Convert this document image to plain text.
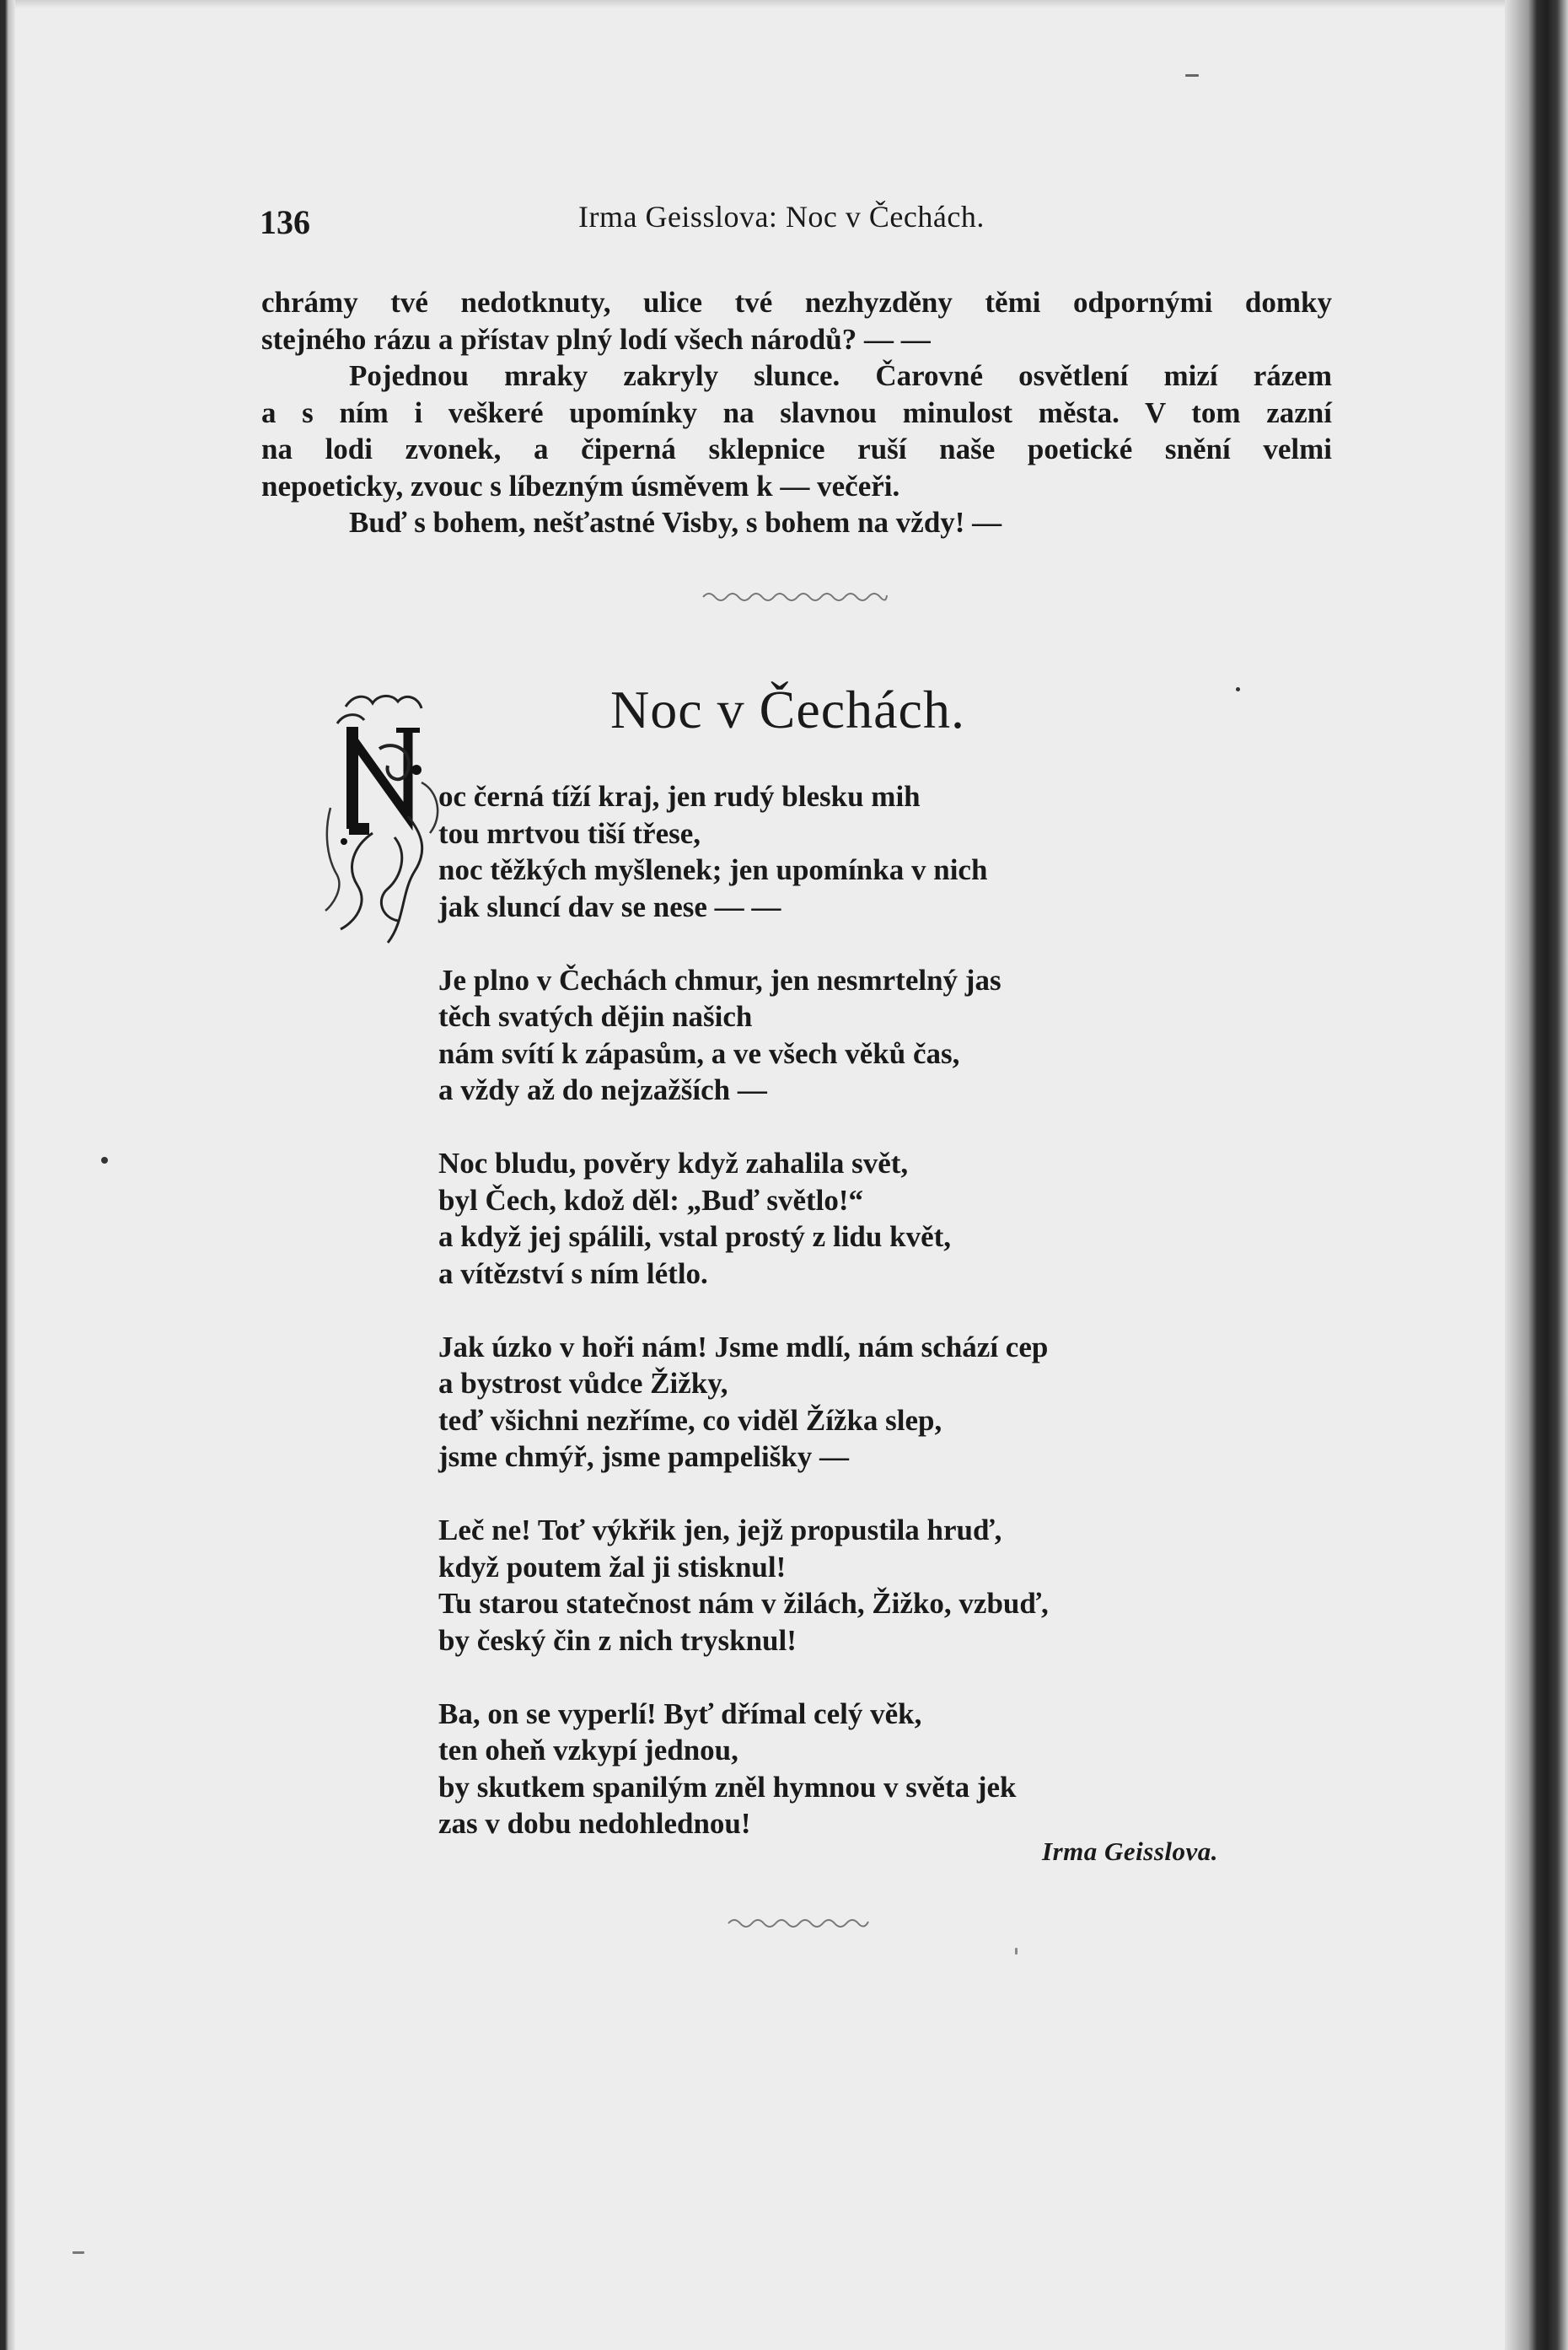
136	Irma Geisslova: Noc v Čechách.
chrámy tvé nedotknuty, ulice tvé nezhyzděny těmi odpornými domky
stejného rázu a přístav plný lodí všech národů? — —
Pojednou mraky zakryly slunce. Čarovné osvětlení mizí rázem
a s ním i veškeré upomínky na slavnou minulost města. V tom zazní
na lodi zvonek, a čiperná sklepnice ruší naše poetické snění velmi
nepoeticky, zvouc s líbezným úsměvem k — večeři.
Buď s bohem, nešťastné Visby, s bohem na vždy! —
Noc v Čechách.
oc černá tíží kraj, jen rudý blesku mih
tou mrtvou tiší třese,
noc těžkých myšlenek; jen upomínka v nich
jak sluncí dav se nese — —
Je plno v Čechách chmur, jen nesmrtelný jas
těch svatých dějin našich
nám svítí k zápasům, a ve všech věků čas,
a vždy až do nejzažších —
Noc bludu, pověry když zahalila svět,
byl Čech, kdož děl: „Buď světlo!“
a když jej spálili, vstal prostý z lidu květ,
a vítězství s ním létlo.
Jak úzko v hoři nám! Jsme mdlí, nám schází cep
a bystrost vůdce Žižky,
teď všichni nezříme, co viděl Žížka slep,
jsme chmýř, jsme pampelišky —
Leč ne! Toť výkřik jen, jejž propustila hruď,
když poutem žal ji stisknul!
Tu starou statečnost nám v žilách, Žižko, vzbuď,
by český čin z nich trysknul!
Ba, on se vyperlí! Byť dřímal celý věk,
ten oheň vzkypí jednou,
by skutkem spanilým zněl hymnou v světa jek
zas v dobu nedohlednou!
Irma Geisslova.
